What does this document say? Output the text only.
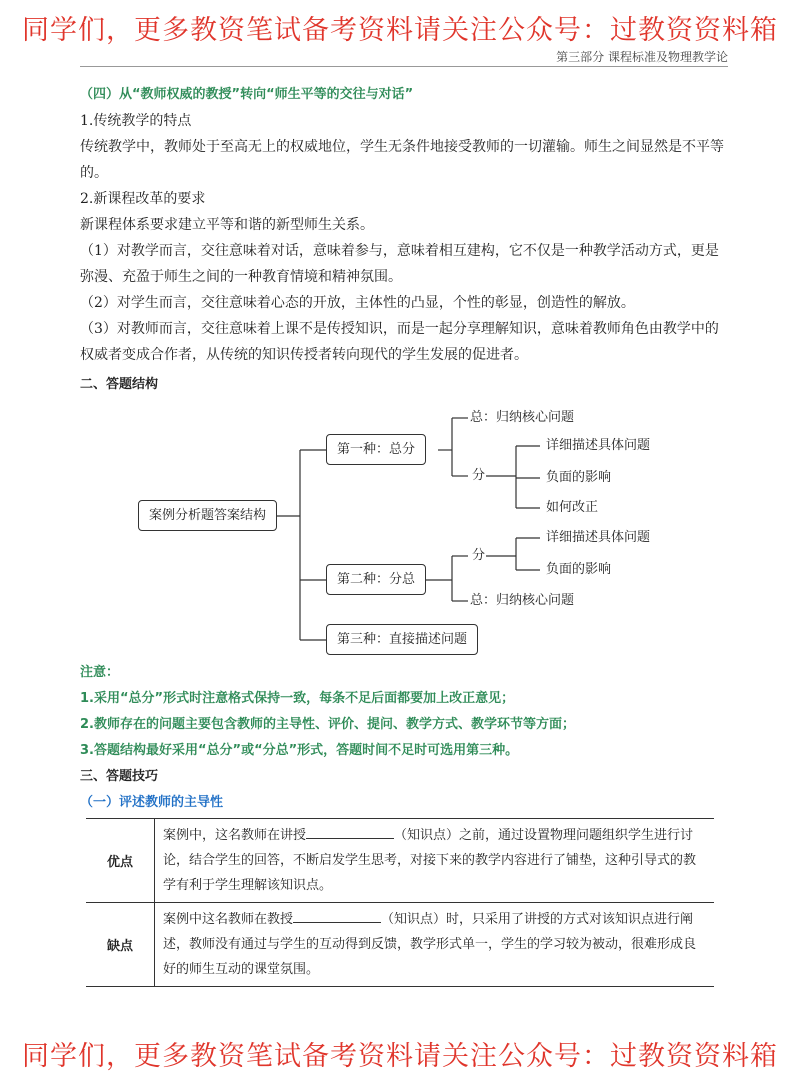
同学们，更多教资笔试备考资料请关注公众号：过教资资料箱
第三部分 课程标准及物理教学论

（四）从“教师权威的教授”转向“师生平等的交往与对话”

1.传统教学的特点

传统教学中，教师处于至高无上的权威地位，学生无条件地接受教师的一切灌输。师生之间显然是不平等的。

2.新课程改革的要求

新课程体系要求建立平等和谐的新型师生关系。

（1）对教学而言，交往意味着对话，意味着参与，意味着相互建构，它不仅是一种教学活动方式，更是弥漫、充盈于师生之间的一种教育情境和精神氛围。

（2）对学生而言，交往意味着心态的开放，主体性的凸显，个性的彰显，创造性的解放。

（3）对教师而言，交往意味着上课不是传授知识，而是一起分享理解知识，意味着教师角色由教学中的权威者变成合作者，从传统的知识传授者转向现代的学生发展的促进者。

二、答题结构

案例分析题答案结构
第一种：总分
总：归纳核心问题
分
详细描述具体问题
负面的影响
如何改正
第二种：分总
分
详细描述具体问题
负面的影响
总：归纳核心问题
第三种：直接描述问题

注意：

1.采用“总分”形式时注意格式保持一致，每条不足后面都要加上改正意见；

2.教师存在的问题主要包含教师的主导性、评价、提问、教学方式、教学环节等方面；

3.答题结构最好采用“总分”或“分总”形式，答题时间不足时可选用第三种。

三、答题技巧

（一）评述教师的主导性

优点	案例中，这名教师在讲授 （知识点）之前，通过设置物理问题组织学生进行讨论，结合学生的回答，不断启发学生思考，对接下来的教学内容进行了铺垫，这种引导式的教学有利于学生理解该知识点。
缺点	案例中这名教师在教授 （知识点）时，只采用了讲授的方式对该知识点进行阐述，教师没有通过与学生的互动得到反馈，教学形式单一，学生的学习较为被动，很难形成良好的师生互动的课堂氛围。
同学们，更多教资笔试备考资料请关注公众号：过教资资料箱
